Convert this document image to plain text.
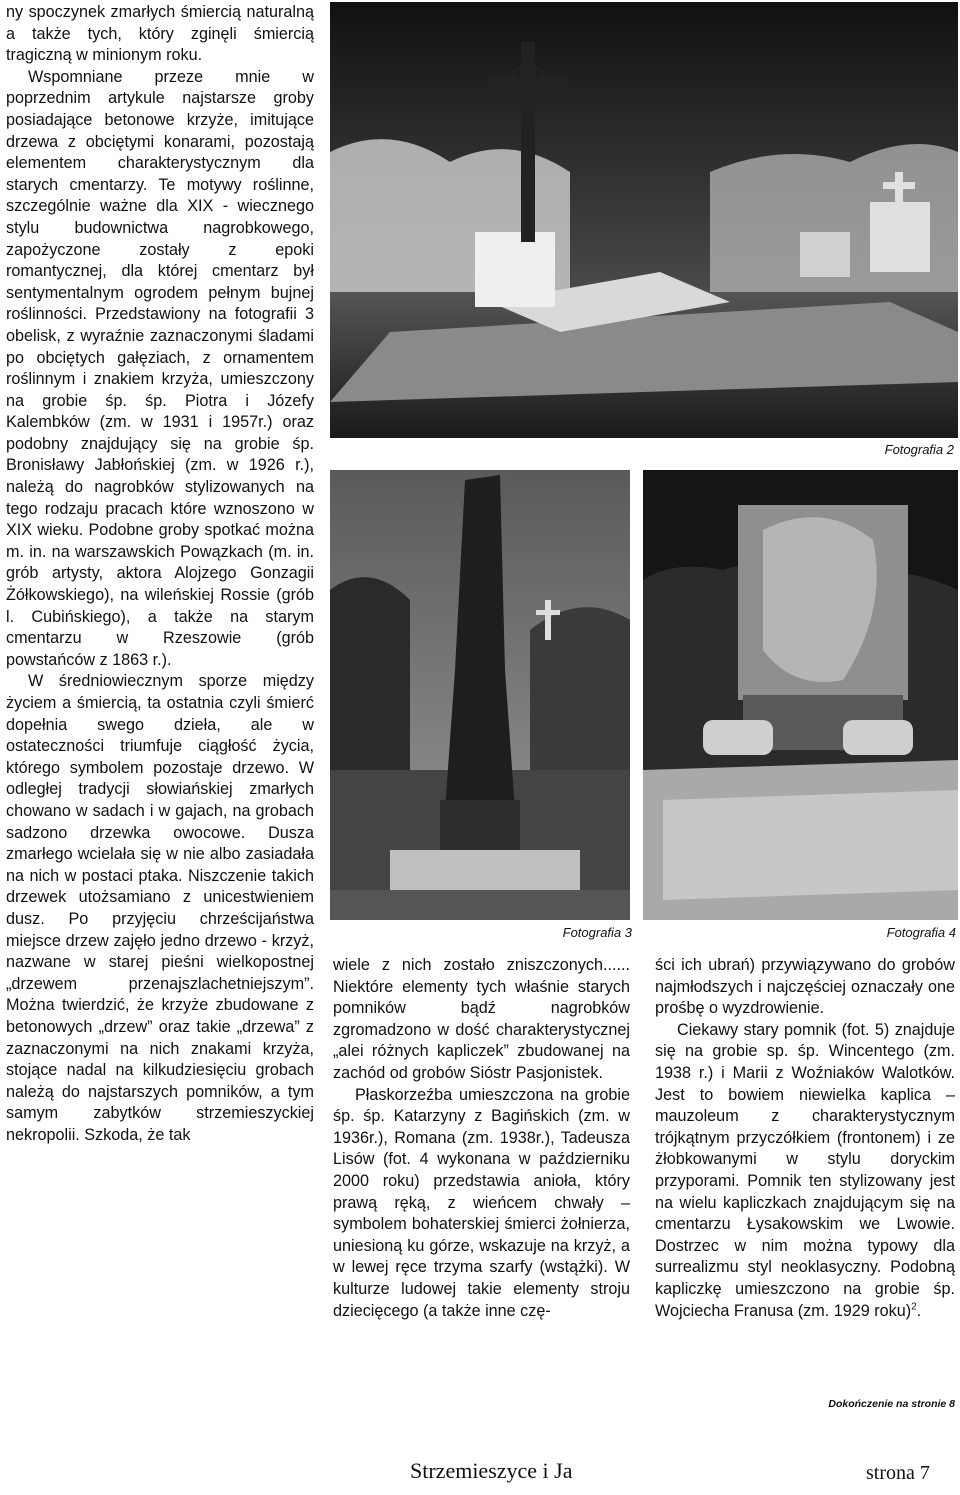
ny spoczynek zmarłych śmiercią naturalną a także tych, który zginęli śmiercią tragiczną w minionym roku.

Wspomniane przeze mnie w poprzednim artykule najstarsze groby posiadające betonowe krzyże, imitujące drzewa z obciętymi konarami, pozostają elementem charakterystycznym dla starych cmentarzy. Te motywy roślinne, szczególnie ważne dla XIX - wiecznego stylu budownictwa nagrobkowego, zapożyczone zostały z epoki romantycznej, dla której cmentarz był sentymentalnym ogrodem pełnym bujnej roślinności. Przedstawiony na fotografii 3 obelisk, z wyraźnie zaznaczonymi śladami po obciętych gałęziach, z ornamentem roślinnym i znakiem krzyża, umieszczony na grobie śp. śp. Piotra i Józefy Kalembków (zm. w 1931 i 1957r.) oraz podobny znajdujący się na grobie śp. Bronisławy Jabłońskiej (zm. w 1926 r.), należą do nagrobków stylizowanych na tego rodzaju pracach które wznoszono w XIX wieku. Podobne groby spotkać można m. in. na warszawskich Powązkach (m. in. grób artysty, aktora Alojzego Gonzagii Żółkowskiego), na wileńskiej Rossie (grób l. Cubińskiego), a także na starym cmentarzu w Rzeszowie (grób powstańców z 1863 r.).

W średniowiecznym sporze między życiem a śmiercią, ta ostatnia czyli śmierć dopełnia swego dzieła, ale w ostateczności triumfuje ciągłość życia, którego symbolem pozostaje drzewo. W odległej tradycji słowiańskiej zmarłych chowano w sadach i w gajach, na grobach sadzono drzewka owocowe. Dusza zmarłego wcielała się w nie albo zasiadała na nich w postaci ptaka. Niszczenie takich drzewek utożsamiano z unicestwieniem dusz. Po przyjęciu chrześcijaństwa miejsce drzew zajęło jedno drzewo - krzyż, nazwane w starej pieśni wielkopostnej „drzewem przenajszlachetniejszym”. Można twierdzić, że krzyże zbudowane z betonowych „drzew” oraz takie „drzewa” z zaznaczonymi na nich znakami krzyża, stojące nadal na kilkudziesięciu grobach należą do najstarszych pomników, a tym samym zabytków strzemieszyckiej nekropolii. Szkoda, że tak

Fotografia 2
Fotografia 3	Fotografia 4

wiele z nich zostało zniszczonych...... Niektóre elementy tych właśnie starych pomników bądź nagrobków zgromadzono w dość charakterystycznej „alei różnych kapliczek” zbudowanej na zachód od grobów Sióstr Pasjonistek.

Płaskorzeźba umieszczona na grobie śp. śp. Katarzyny z Bagińskich (zm. w 1936r.), Romana (zm. 1938r.), Tadeusza Lisów (fot. 4 wykonana w październiku 2000 roku) przedstawia anioła, który prawą ręką, z wieńcem chwały – symbolem bohaterskiej śmierci żołnierza, uniesioną ku górze, wskazuje na krzyż, a w lewej ręce trzyma szarfy (wstążki). W kulturze ludowej takie elementy stroju dziecięcego (a także inne czę-

ści ich ubrań) przywiązywano do grobów najmłodszych i najczęściej oznaczały one prośbę o wyzdrowienie.

Ciekawy stary pomnik (fot. 5) znajduje się na grobie sp. śp. Wincentego (zm. 1938 r.) i Marii z Woźniaków Walotków. Jest to bowiem niewielka kaplica – mauzoleum z charakterystycznym trójkątnym przyczółkiem (frontonem) i ze żłobkowanymi w stylu doryckim przyporami. Pomnik ten stylizowany jest na wielu kapliczkach znajdującym się na cmentarzu Łysakowskim we Lwowie. Dostrzec w nim można typowy dla surrealizmu styl neoklasyczny. Podobną kapliczkę umieszczono na grobie śp. Wojciecha Franusa (zm. 1929 roku)$^2$.

Dokończenie na stronie 8
Strzemieszyce i Ja	strona 7
